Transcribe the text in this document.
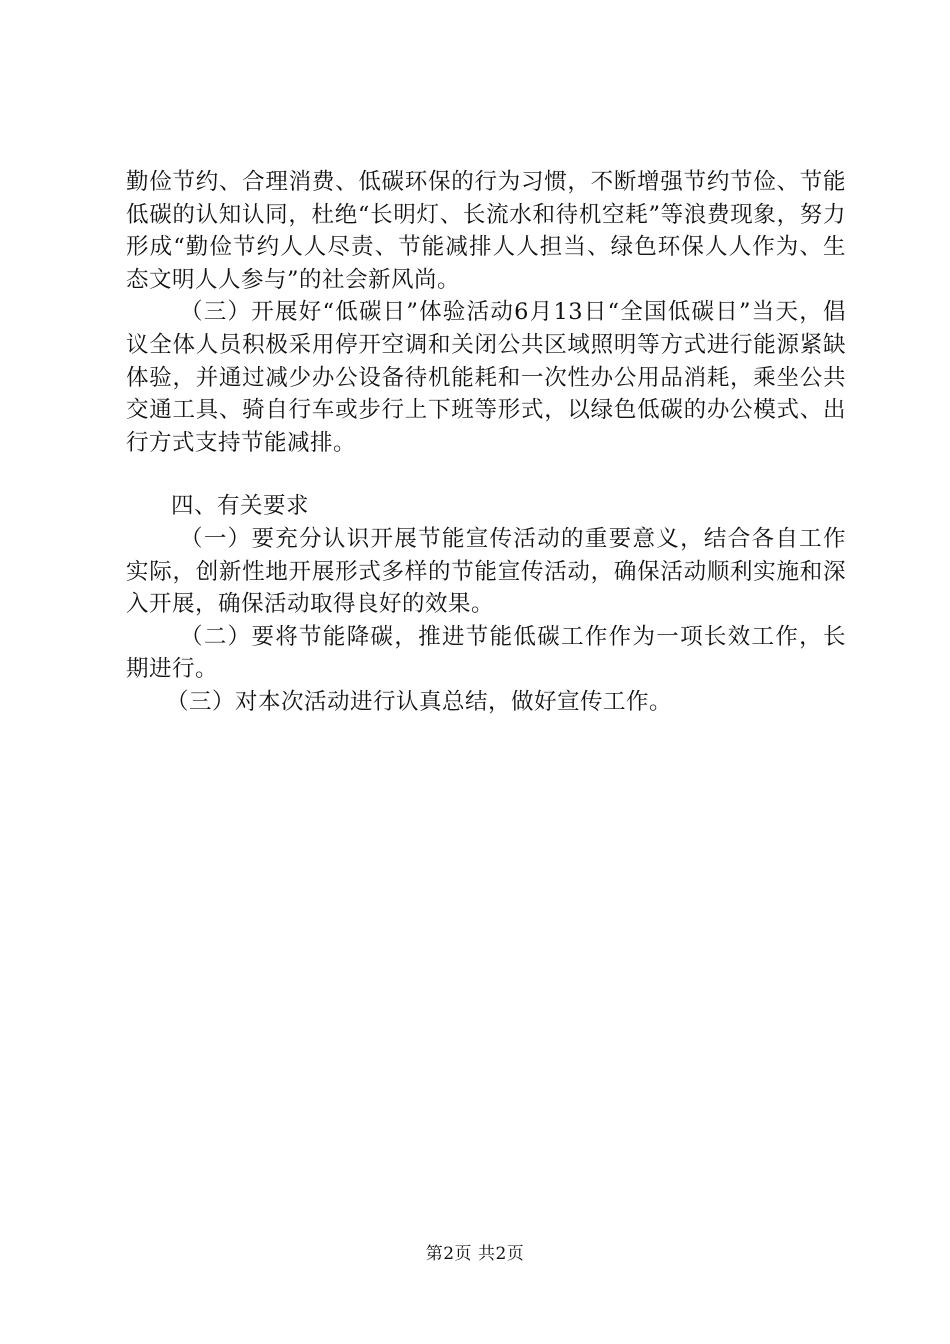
勤俭节约、合理消费、低碳环保的行为习惯，不断增强节约节俭、节能低碳的认知认同，杜绝“长明灯、长流水和待机空耗”等浪费现象，努力形成“勤俭节约人人尽责、节能减排人人担当、绿色环保人人作为、生态文明人人参与”的社会新风尚。

（三）开展好“低碳日”体验活动6月13日“全国低碳日”当天，倡议全体人员积极采用停开空调和关闭公共区域照明等方式进行能源紧缺体验，并通过减少办公设备待机能耗和一次性办公用品消耗，乘坐公共交通工具、骑自行车或步行上下班等形式，以绿色低碳的办公模式、出行方式支持节能减排。

四、有关要求

（一）要充分认识开展节能宣传活动的重要意义，结合各自工作实际，创新性地开展形式多样的节能宣传活动，确保活动顺利实施和深入开展，确保活动取得良好的效果。

（二）要将节能降碳，推进节能低碳工作作为一项长效工作，长期进行。

（三）对本次活动进行认真总结，做好宣传工作。

第2页 共2页
